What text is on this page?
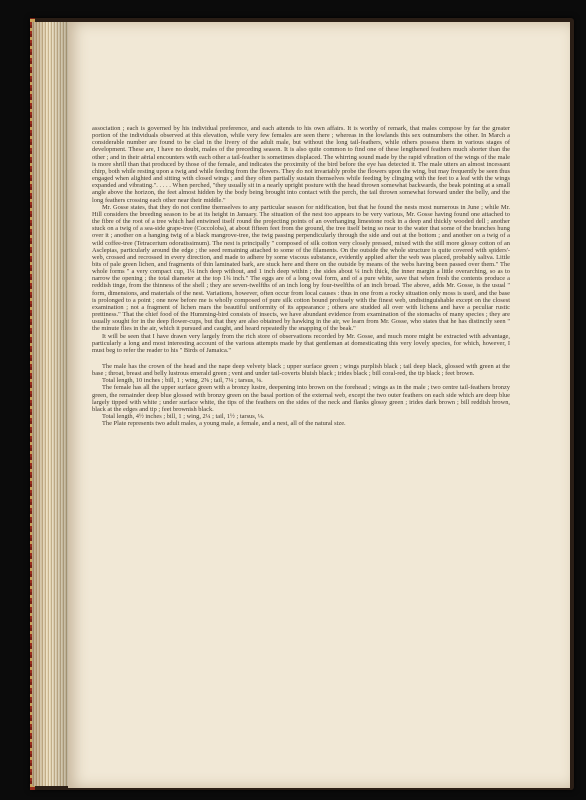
association ; each is governed by his individual preference, and each attends to his own affairs. It is worthy of remark, that males compose by far the greater portion of the individuals observed at this elevation, while very few females are seen there ; whereas in the lowlands this sex outnumbers the other. In March a considerable number are found to be clad in the livery of the adult male, but without the long tail-feathers, while others possess them in various stages of development. These are, I have no doubt, males of the preceding season. It is also quite common to find one of these lengthened feathers much shorter than the other ; and in their aërial encounters with each other a tail-feather is sometimes displaced. The whirring sound made by the rapid vibration of the wings of the male is more shrill than that produced by those of the female, and indicates the proximity of the bird before the eye has detected it. The male utters an almost incessant chirp, both while resting upon a twig and while feeding from the flowers. They do not invariably probe the flowers upon the wing, but may frequently be seen thus engaged when alighted and sitting with closed wings ; and they often partially sustain themselves while feeding by clinging with the feet to a leaf with the wings expanded and vibrating.". . . . . When perched, "they usually sit in a nearly upright posture with the head thrown somewhat backwards, the beak pointing at a small angle above the horizon, the feet almost hidden by the body being brought into contact with the perch, the tail thrown somewhat forward under the belly, and the long feathers crossing each other near their middle."

Mr. Gosse states, that they do not confine themselves to any particular season for nidification, but that he found the nests most numerous in June ; while Mr. Hill considers the breeding season to be at its height in January. The situation of the nest too appears to be very various, Mr. Gosse having found one attached to the fibre of the root of a tree which had entwined itself round the projecting points of an overhanging limestone rock in a deep and thickly wooded dell ; another stuck on a twig of a sea-side grape-tree (Coccoloba), at about fifteen feet from the ground, the tree itself being so near to the water that some of the branches hung over it ; another on a hanging twig of a black mangrove-tree, the twig passing perpendicularly through the side and out at the bottom ; and another on a twig of a wild coffee-tree (Tetracerium odoratissimum). The nest is principally " composed of silk cotton very closely pressed, mixed with the still more glossy cotton of an Asclepias, particularly around the edge ; the seed remaining attached to some of the filaments. On the outside the whole structure is quite covered with spiders'-web, crossed and recrossed in every direction, and made to adhere by some viscous substance, evidently applied after the web was placed, probably saliva. Little bits of pale green lichen, and fragments of thin laminated bark, are stuck here and there on the outside by means of the webs having been passed over them." The whole forms " a very compact cup, 1¼ inch deep without, and 1 inch deep within ; the sides about ¼ inch thick, the inner margin a little overarching, so as to narrow the opening ; the total diameter at the top 1¾ inch." The eggs are of a long oval form, and of a pure white, save that when fresh the contents produce a reddish tinge, from the thinness of the shell ; they are seven-twelfths of an inch long by four-twelfths of an inch broad. The above, adds Mr. Gosse, is the usual " form, dimensions, and materials of the nest. Variations, however, often occur from local causes : thus in one from a rocky situation only moss is used, and the base is prolonged to a point ; one now before me is wholly composed of pure silk cotton bound profusely with the finest web, undistinguishable except on the closest examination ; not a fragment of lichen mars the beautiful uniformity of its appearance ; others are studded all over with lichens and have a peculiar rustic prettiness." That the chief food of the Humming-bird consists of insects, we have abundant evidence from examination of the stomachs of many species ; they are usually sought for in the deep flower-cups, but that they are also obtained by hawking in the air, we learn from Mr. Gosse, who states that he has distinctly seen " the minute flies in the air, which it pursued and caught, and heard repeatedly the snapping of the beak."

It will be seen that I have drawn very largely from the rich store of observations recorded by Mr. Gosse, and much more might be extracted with advantage, particularly a long and most interesting account of the various attempts made by that gentleman at domesticating this very lovely species, for which, however, I must beg to refer the reader to his " Birds of Jamaica."

The male has the crown of the head and the nape deep velvety black ; upper surface green ; wings purplish black ; tail deep black, glossed with green at the base ; throat, breast and belly lustrous emerald green ; vent and under tail-coverts bluish black ; irides black ; bill coral-red, the tip black ; feet brown.

Total length, 10 inches ; bill, 1 ; wing, 2⅝ ; tail, 7¼ ; tarsus, ⅛.

The female has all the upper surface green with a bronzy lustre, deepening into brown on the forehead ; wings as in the male ; two centre tail-feathers bronzy green, the remainder deep blue glossed with bronzy green on the basal portion of the external web, except the two outer feathers on each side which are deep blue largely tipped with white ; under surface white, the tips of the feathers on the sides of the neck and flanks glossy green ; irides dark brown ; bill reddish brown, black at the edges and tip ; feet brownish black.

Total length, 4½ inches ; bill, 1 ; wing, 2¼ ; tail, 1½ ; tarsus, ⅛.

The Plate represents two adult males, a young male, a female, and a nest, all of the natural size.
